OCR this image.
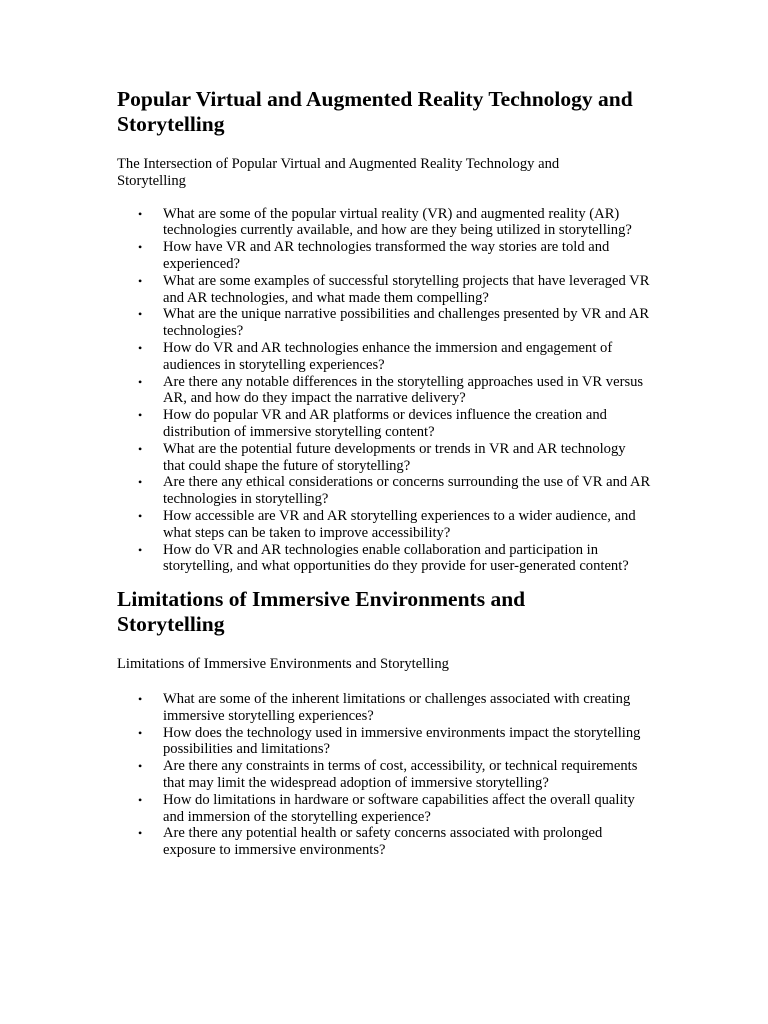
Popular Virtual and Augmented Reality Technology and Storytelling

The Intersection of Popular Virtual and Augmented Reality Technology and Storytelling

• What are some of the popular virtual reality (VR) and augmented reality (AR) technologies currently available, and how are they being utilized in storytelling?
• How have VR and AR technologies transformed the way stories are told and experienced?
• What are some examples of successful storytelling projects that have leveraged VR and AR technologies, and what made them compelling?
• What are the unique narrative possibilities and challenges presented by VR and AR technologies?
• How do VR and AR technologies enhance the immersion and engagement of audiences in storytelling experiences?
• Are there any notable differences in the storytelling approaches used in VR versus AR, and how do they impact the narrative delivery?
• How do popular VR and AR platforms or devices influence the creation and distribution of immersive storytelling content?
• What are the potential future developments or trends in VR and AR technology that could shape the future of storytelling?
• Are there any ethical considerations or concerns surrounding the use of VR and AR technologies in storytelling?
• How accessible are VR and AR storytelling experiences to a wider audience, and what steps can be taken to improve accessibility?
• How do VR and AR technologies enable collaboration and participation in storytelling, and what opportunities do they provide for user-generated content?
Limitations of Immersive Environments and Storytelling

Limitations of Immersive Environments and Storytelling

• What are some of the inherent limitations or challenges associated with creating immersive storytelling experiences?
• How does the technology used in immersive environments impact the storytelling possibilities and limitations?
• Are there any constraints in terms of cost, accessibility, or technical requirements that may limit the widespread adoption of immersive storytelling?
• How do limitations in hardware or software capabilities affect the overall quality and immersion of the storytelling experience?
• Are there any potential health or safety concerns associated with prolonged exposure to immersive environments?
